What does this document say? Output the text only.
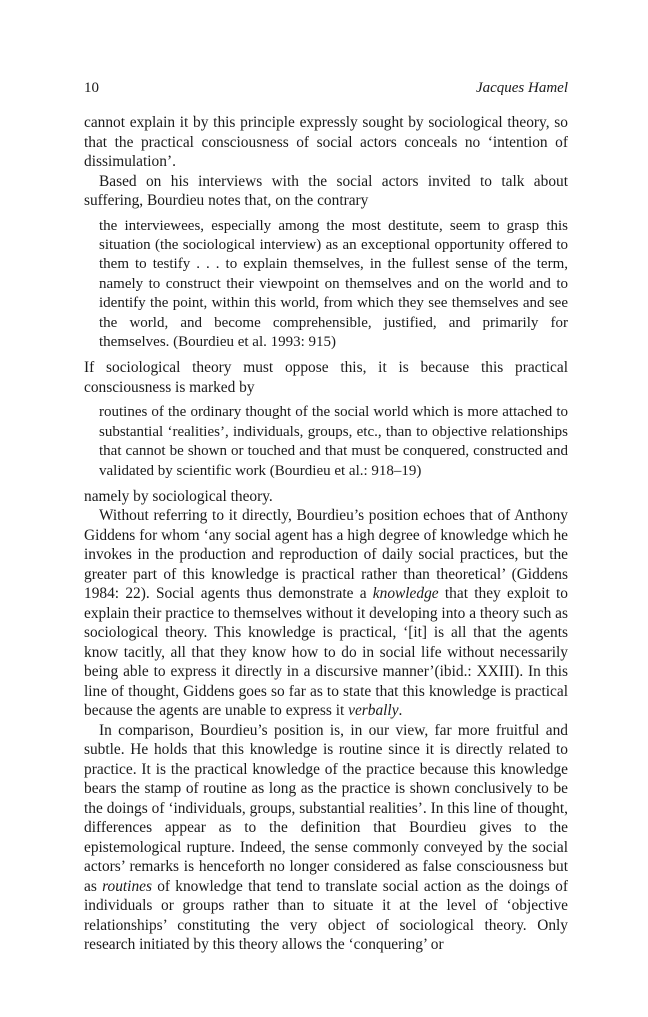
10	Jacques Hamel

cannot explain it by this principle expressly sought by sociological theory, so that the practical consciousness of social actors conceals no ‘intention of dissimulation’.

Based on his interviews with the social actors invited to talk about suffering, Bourdieu notes that, on the contrary

the interviewees, especially among the most destitute, seem to grasp this situation (the sociological interview) as an exceptional opportunity offered to them to testify . . . to explain themselves, in the fullest sense of the term, namely to construct their viewpoint on themselves and on the world and to identify the point, within this world, from which they see themselves and see the world, and become comprehensible, justified, and primarily for themselves. (Bourdieu et al. 1993: 915)

If sociological theory must oppose this, it is because this practical consciousness is marked by

routines of the ordinary thought of the social world which is more attached to substantial ‘realities’, individuals, groups, etc., than to objective relationships that cannot be shown or touched and that must be conquered, constructed and validated by scientific work (Bourdieu et al.: 918–19)

namely by sociological theory.

Without referring to it directly, Bourdieu’s position echoes that of Anthony Giddens for whom ‘any social agent has a high degree of knowledge which he invokes in the production and reproduction of daily social practices, but the greater part of this knowledge is practical rather than theoretical’ (Giddens 1984: 22). Social agents thus demonstrate a knowledge that they exploit to explain their practice to themselves without it developing into a theory such as sociological theory. This knowledge is practical, ‘[it] is all that the agents know tacitly, all that they know how to do in social life without necessarily being able to express it directly in a discursive manner’(ibid.: XXIII). In this line of thought, Giddens goes so far as to state that this knowledge is practical because the agents are unable to express it verbally.

In comparison, Bourdieu’s position is, in our view, far more fruitful and subtle. He holds that this knowledge is routine since it is directly related to practice. It is the practical knowledge of the practice because this knowledge bears the stamp of routine as long as the practice is shown conclusively to be the doings of ‘individuals, groups, substantial realities’. In this line of thought, differences appear as to the definition that Bourdieu gives to the epistemological rupture. Indeed, the sense commonly conveyed by the social actors’ remarks is henceforth no longer considered as false consciousness but as routines of knowledge that tend to translate social action as the doings of individuals or groups rather than to situate it at the level of ‘objective relationships’ constituting the very object of sociological theory. Only research initiated by this theory allows the ‘conquering’ or
